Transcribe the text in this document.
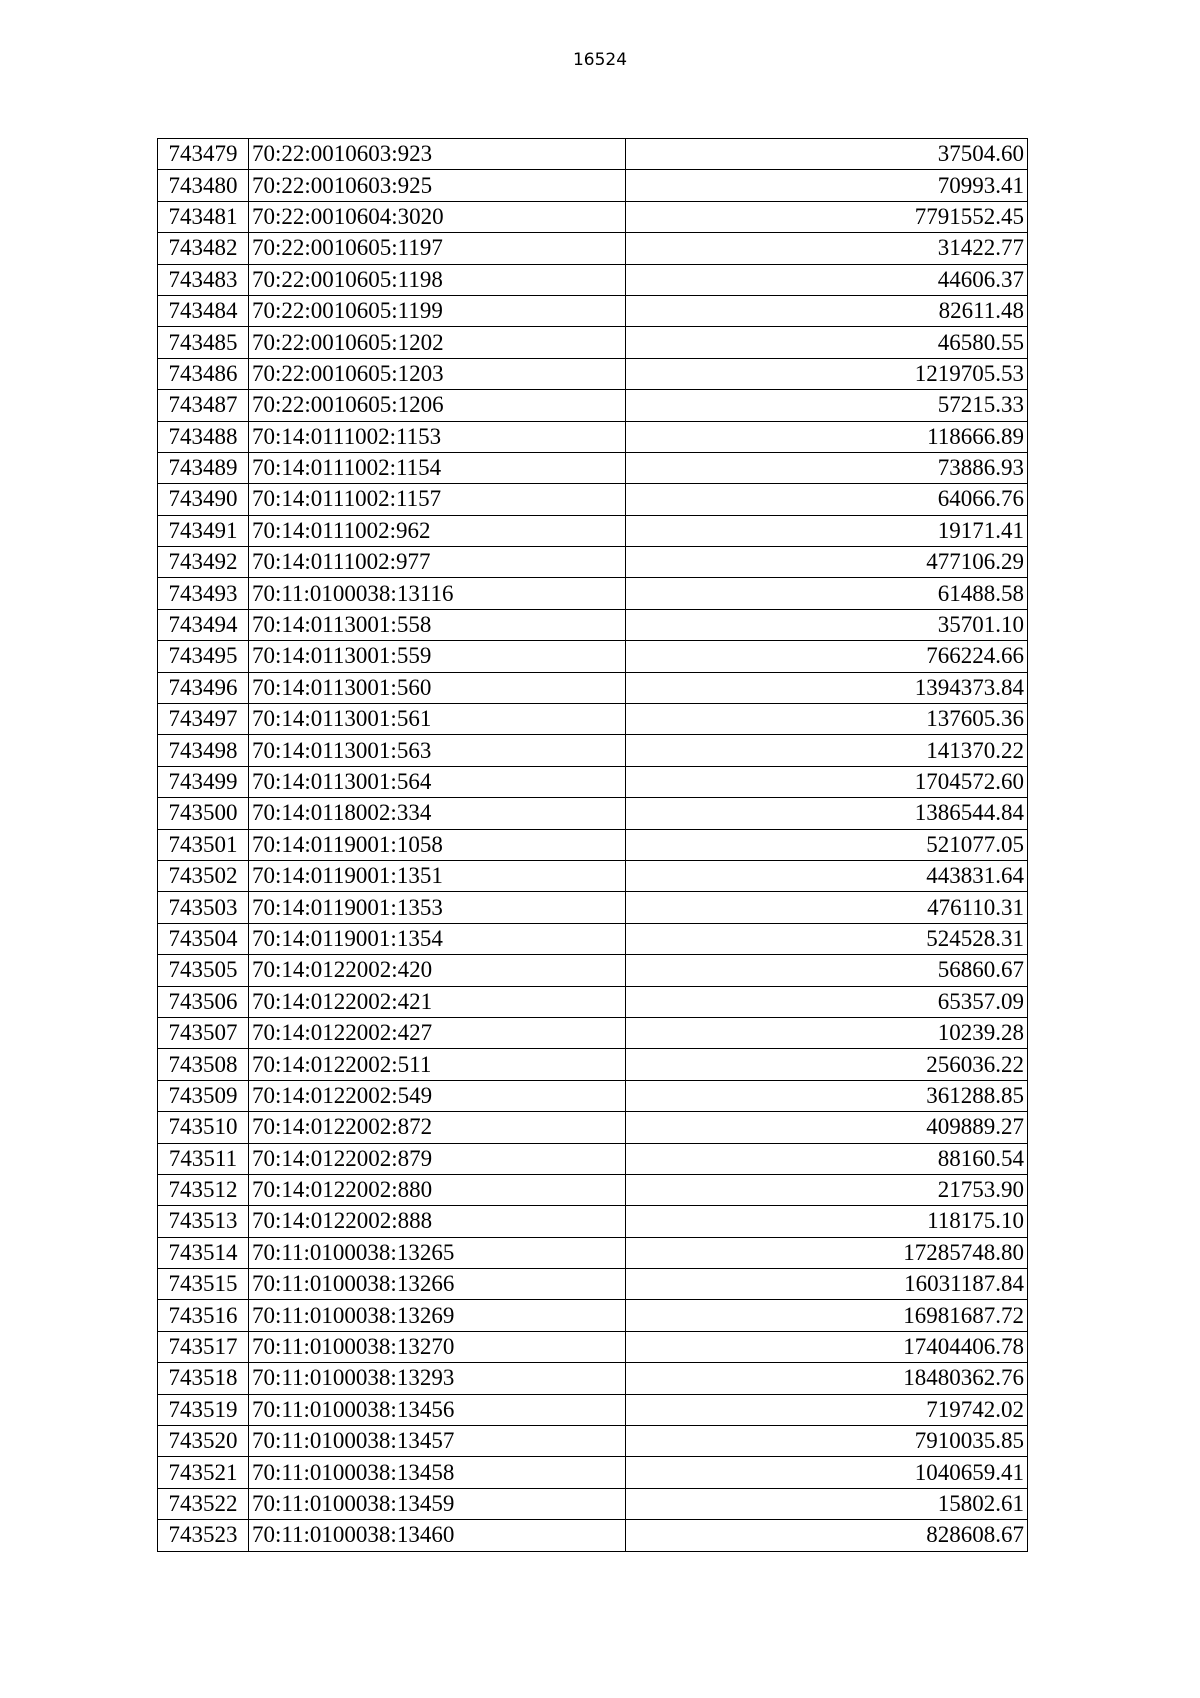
16524
743479	70:22:0010603:923	37504.60
743480	70:22:0010603:925	70993.41
743481	70:22:0010604:3020	7791552.45
743482	70:22:0010605:1197	31422.77
743483	70:22:0010605:1198	44606.37
743484	70:22:0010605:1199	82611.48
743485	70:22:0010605:1202	46580.55
743486	70:22:0010605:1203	1219705.53
743487	70:22:0010605:1206	57215.33
743488	70:14:0111002:1153	118666.89
743489	70:14:0111002:1154	73886.93
743490	70:14:0111002:1157	64066.76
743491	70:14:0111002:962	19171.41
743492	70:14:0111002:977	477106.29
743493	70:11:0100038:13116	61488.58
743494	70:14:0113001:558	35701.10
743495	70:14:0113001:559	766224.66
743496	70:14:0113001:560	1394373.84
743497	70:14:0113001:561	137605.36
743498	70:14:0113001:563	141370.22
743499	70:14:0113001:564	1704572.60
743500	70:14:0118002:334	1386544.84
743501	70:14:0119001:1058	521077.05
743502	70:14:0119001:1351	443831.64
743503	70:14:0119001:1353	476110.31
743504	70:14:0119001:1354	524528.31
743505	70:14:0122002:420	56860.67
743506	70:14:0122002:421	65357.09
743507	70:14:0122002:427	10239.28
743508	70:14:0122002:511	256036.22
743509	70:14:0122002:549	361288.85
743510	70:14:0122002:872	409889.27
743511	70:14:0122002:879	88160.54
743512	70:14:0122002:880	21753.90
743513	70:14:0122002:888	118175.10
743514	70:11:0100038:13265	17285748.80
743515	70:11:0100038:13266	16031187.84
743516	70:11:0100038:13269	16981687.72
743517	70:11:0100038:13270	17404406.78
743518	70:11:0100038:13293	18480362.76
743519	70:11:0100038:13456	719742.02
743520	70:11:0100038:13457	7910035.85
743521	70:11:0100038:13458	1040659.41
743522	70:11:0100038:13459	15802.61
743523	70:11:0100038:13460	828608.67
